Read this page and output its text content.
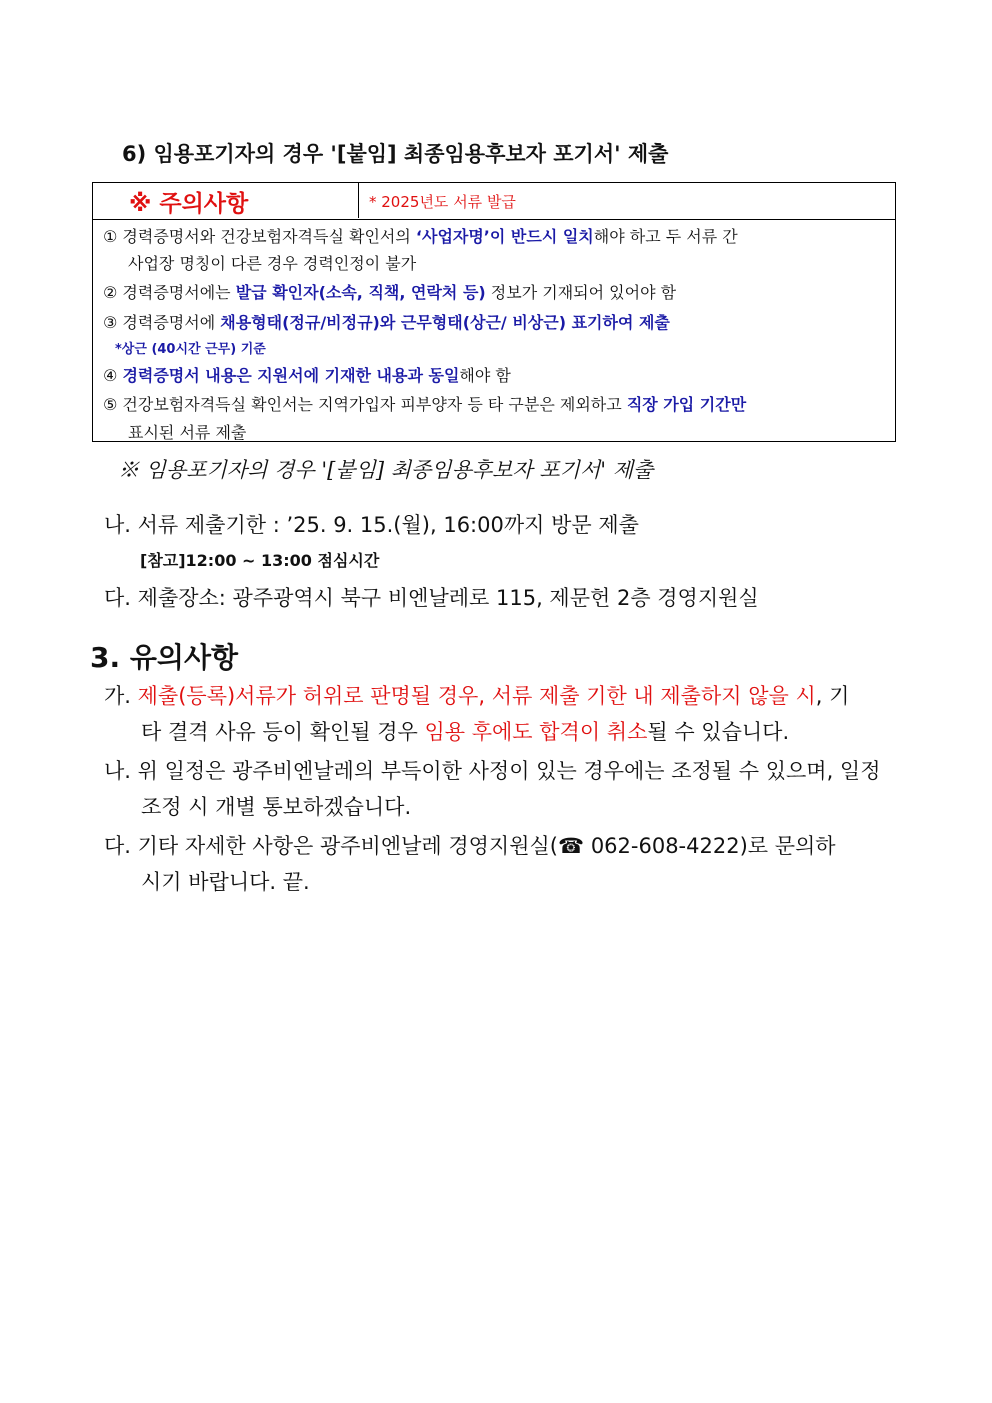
6) 임용포기자의 경우 '[붙임] 최종임용후보자 포기서' 제출
※ 주의사항	* 2025년도 서류 발급
① 경력증명서와 건강보험자격득실 확인서의 ‘사업자명’이 반드시 일치해야 하고 두 서류 간
사업장 명칭이 다른 경우 경력인정이 불가
② 경력증명서에는 발급 확인자(소속, 직책, 연락처 등) 정보가 기재되어 있어야 함
③ 경력증명서에 채용형태(정규/비정규)와 근무형태(상근/ 비상근) 표기하여 제출
*상근 (40시간 근무) 기준
④ 경력증명서 내용은 지원서에 기재한 내용과 동일해야 함
⑤ 건강보험자격득실 확인서는 지역가입자 피부양자 등 타 구분은 제외하고 직장 가입 기간만
표시된 서류 제출
※ 임용포기자의 경우 '[붙임] 최종임용후보자 포기서' 제출
나. 서류 제출기한 : ’25. 9. 15.(월), 16:00까지 방문 제출
[참고]12:00 ~ 13:00 점심시간
다. 제출장소: 광주광역시 북구 비엔날레로 115, 제문헌 2층 경영지원실
3. 유의사항
가. 제출(등록)서류가 허위로 판명될 경우, 서류 제출 기한 내 제출하지 않을 시, 기
타 결격 사유 등이 확인될 경우 임용 후에도 합격이 취소될 수 있습니다.
나. 위 일정은 광주비엔날레의 부득이한 사정이 있는 경우에는 조정될 수 있으며, 일정
조정 시 개별 통보하겠습니다.
다. 기타 자세한 사항은 광주비엔날레 경영지원실(☎ 062-608-4222)로 문의하
시기 바랍니다. 끝.
